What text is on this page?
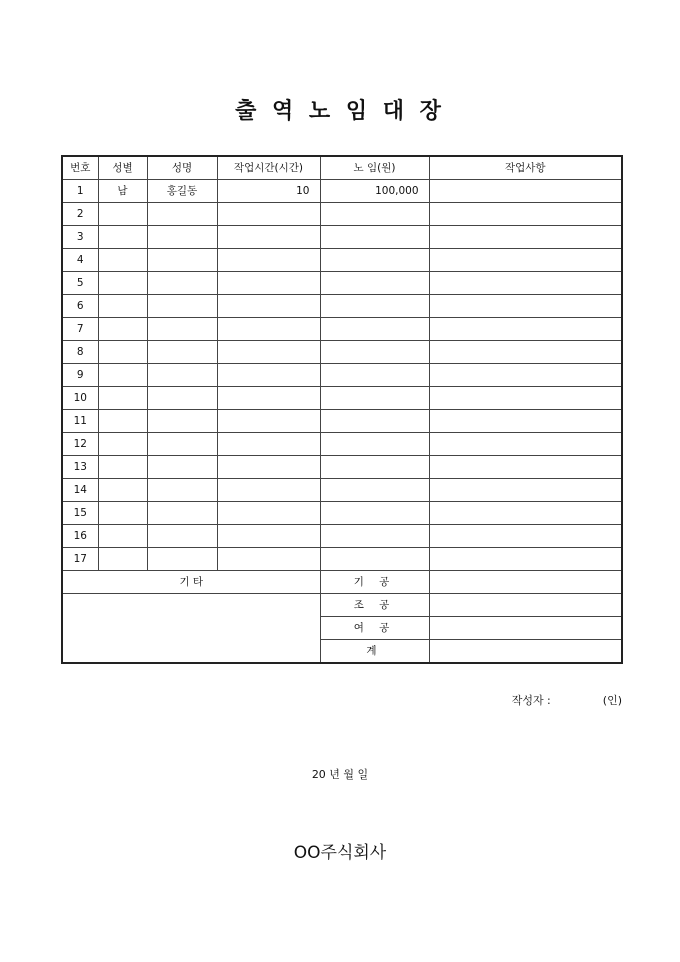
출 역 노 임 대 장
번호	성별	성명	작업시간(시간)	노 임(원)	작업사항
1	남	홍길동	10	100,000	
2					
3					
4					
5					
6					
7					
8					
9					
10					
11					
12					
13					
14					
15					
16					
17					
기 타				기 공	
				조 공	
				여 공	
				계	
작성자 :	(인)
20 년 월 일
OO주식회사
